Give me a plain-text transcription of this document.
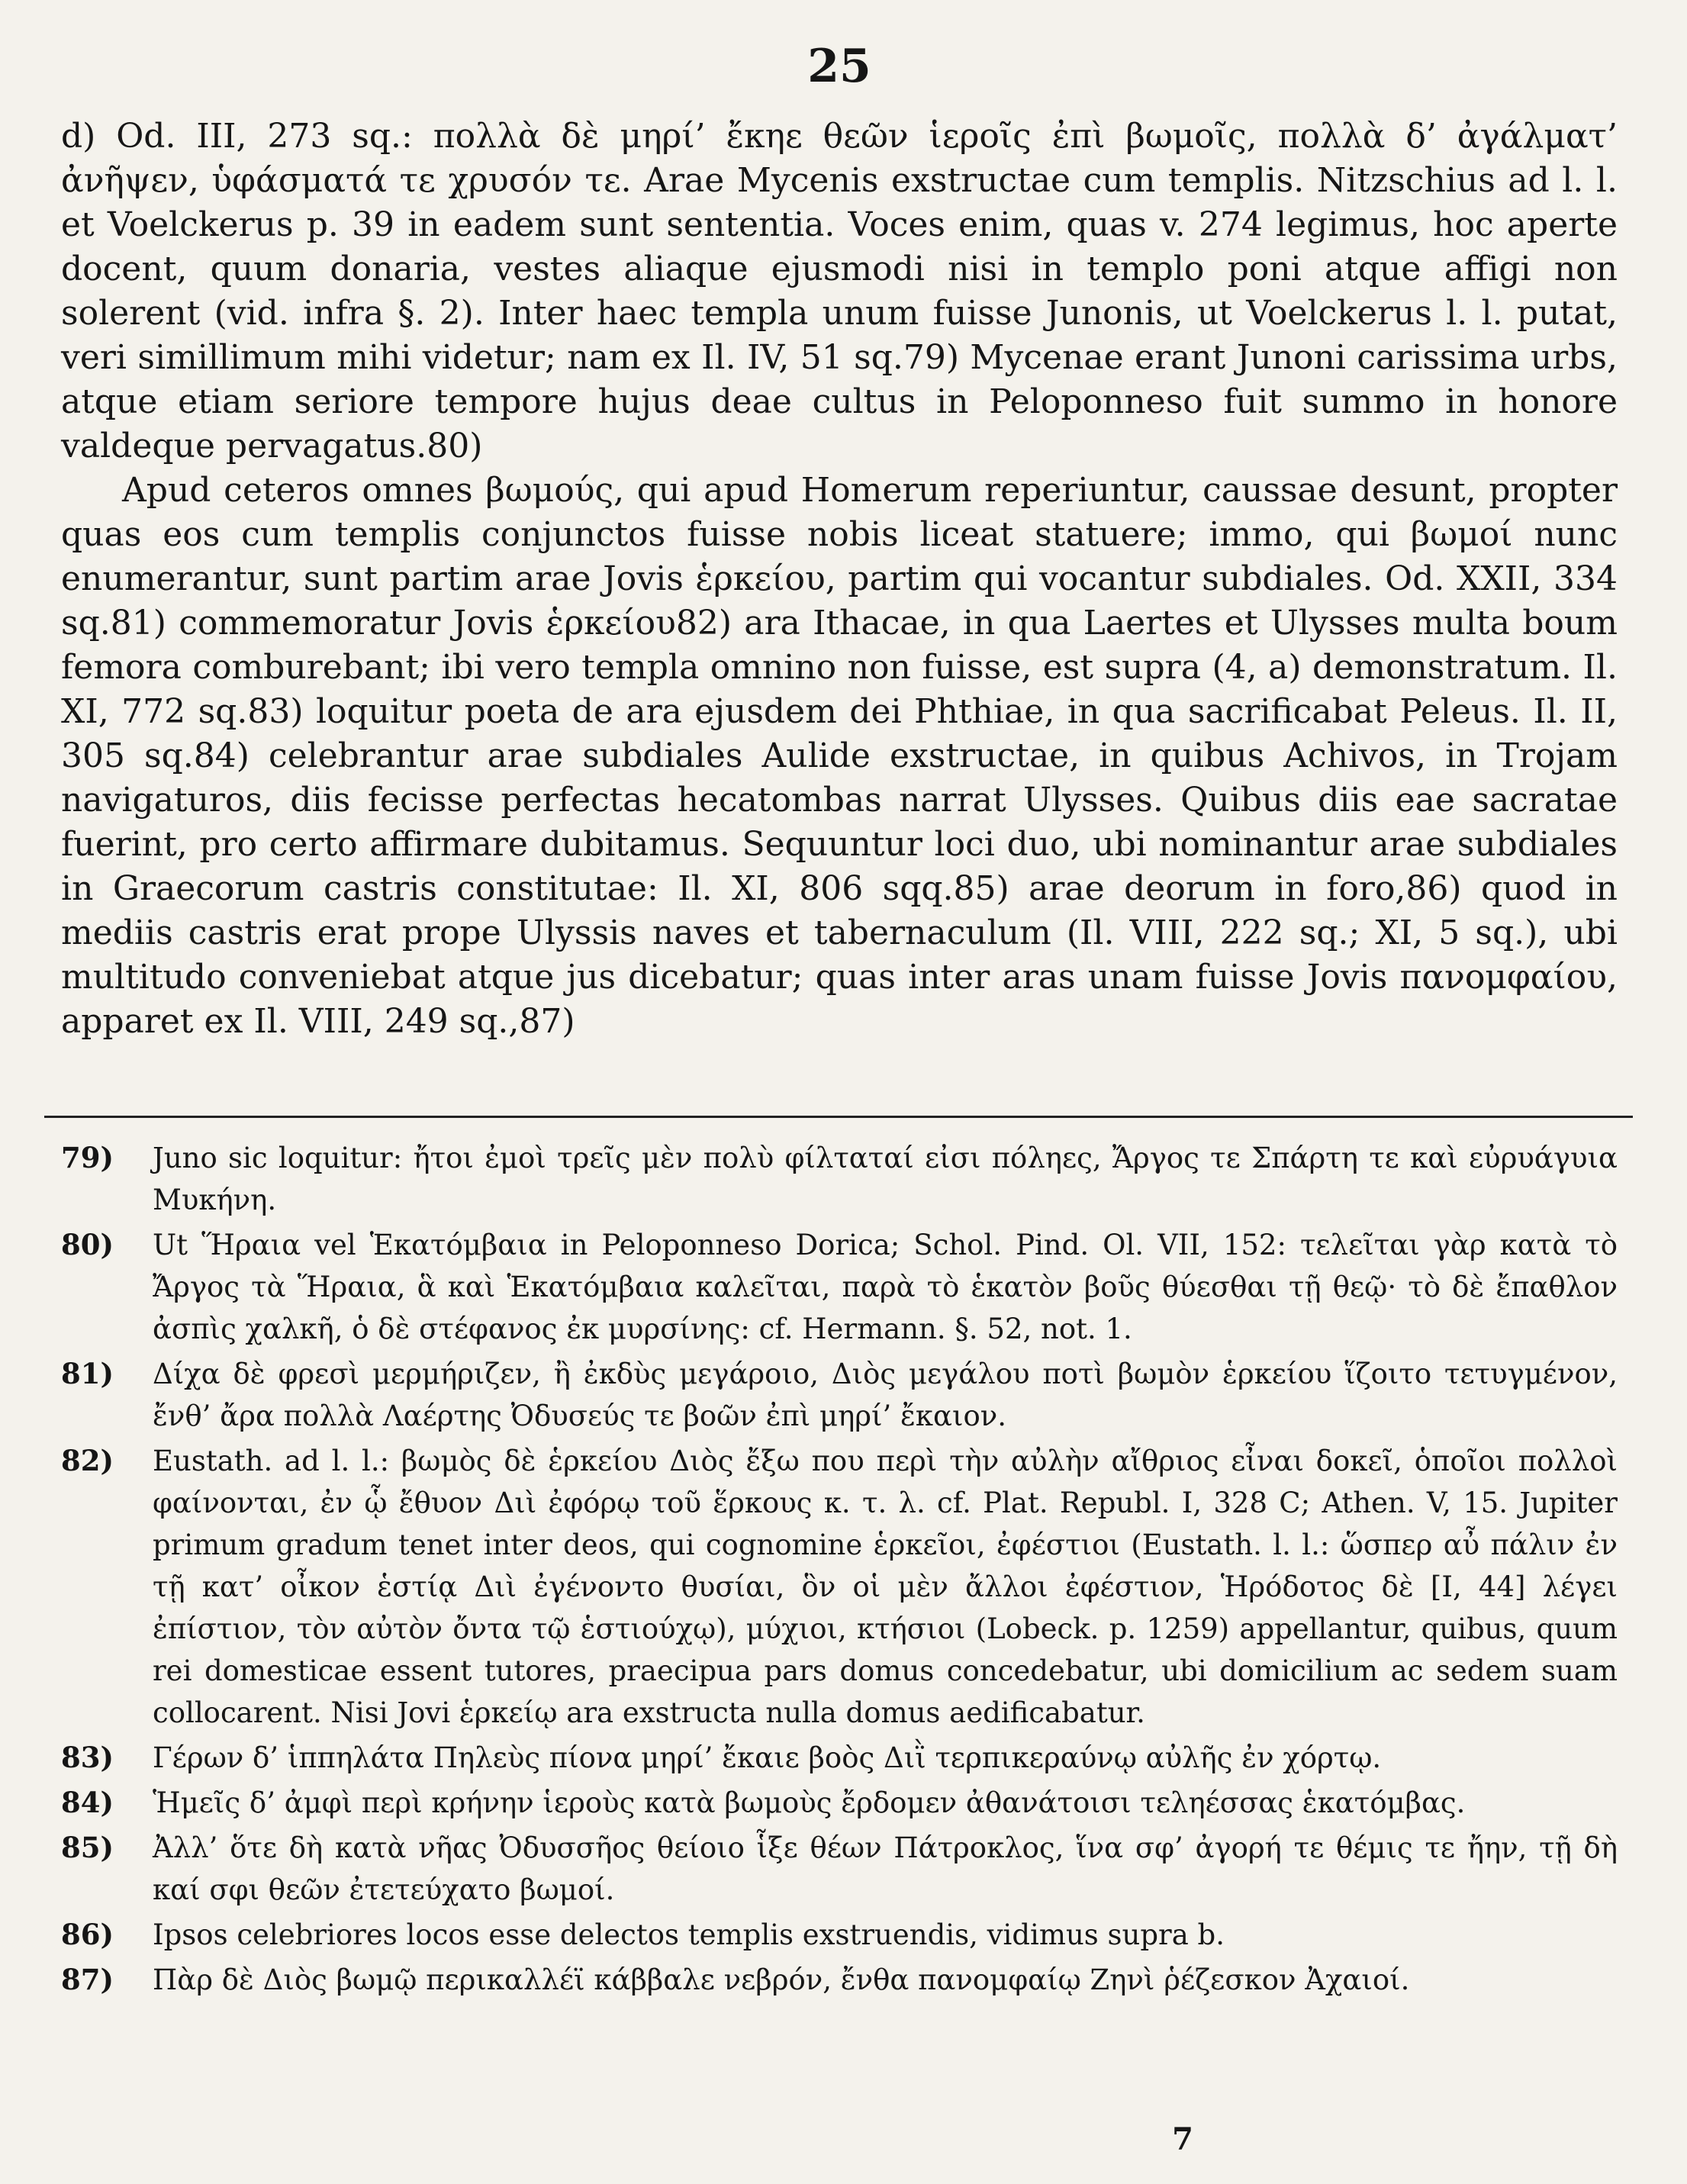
25

d) Od. III, 273 sq.: πολλὰ δὲ μηρί’ ἔκηε θεῶν ἱεροῖς ἐπὶ βωμοῖς, πολλὰ δ’ ἀγάλματ’ ἀνῆψεν, ὑφάσματά τε χρυσόν τε. Arae Mycenis exstructae cum templis. Nitzschius ad l. l. et Voelckerus p. 39 in eadem sunt sententia. Voces enim, quas v. 274 legimus, hoc aperte docent, quum donaria, vestes aliaque ejusmodi nisi in templo poni atque affigi non solerent (vid. infra §. 2). Inter haec templa unum fuisse Junonis, ut Voelckerus l. l. putat, veri simillimum mihi videtur; nam ex Il. IV, 51 sq.79) Mycenae erant Junoni carissima urbs, atque etiam seriore tempore hujus deae cultus in Peloponneso fuit summo in honore valdeque pervagatus.80)

Apud ceteros omnes βωμούς, qui apud Homerum reperiuntur, caussae desunt, propter quas eos cum templis conjunctos fuisse nobis liceat statuere; immo, qui βωμοί nunc enumerantur, sunt partim arae Jovis ἑρκείου, partim qui vocantur subdiales. Od. XXII, 334 sq.81) commemoratur Jovis ἑρκείου82) ara Ithacae, in qua Laertes et Ulysses multa boum femora comburebant; ibi vero templa omnino non fuisse, est supra (4, a) demonstratum. Il. XI, 772 sq.83) loquitur poeta de ara ejusdem dei Phthiae, in qua sacrificabat Peleus. Il. II, 305 sq.84) celebrantur arae subdiales Aulide exstructae, in quibus Achivos, in Trojam navigaturos, diis fecisse perfectas hecatombas narrat Ulysses. Quibus diis eae sacratae fuerint, pro certo affirmare dubitamus. Sequuntur loci duo, ubi nominantur arae subdiales in Graecorum castris constitutae: Il. XI, 806 sqq.85) arae deorum in foro,86) quod in mediis castris erat prope Ulyssis naves et tabernaculum (Il. VIII, 222 sq.; XI, 5 sq.), ubi multitudo conveniebat atque jus dicebatur; quas inter aras unam fuisse Jovis πανομφαίου, apparet ex Il. VIII, 249 sq.,87)

79)	Juno sic loquitur: ἤτοι ἐμοὶ τρεῖς μὲν πολὺ φίλταταί εἰσι πόληες, Ἄργος τε Σπάρτη τε καὶ εὐρυάγυια Μυκήνη.
80)	Ut Ἥραια vel Ἑκατόμβαια in Peloponneso Dorica; Schol. Pind. Ol. VII, 152: τελεῖται γὰρ κατὰ τὸ Ἄργος τὰ Ἥραια, ἃ καὶ Ἑκατόμβαια καλεῖται, παρὰ τὸ ἑκατὸν βοῦς θύεσθαι τῇ θεῷ· τὸ δὲ ἔπαθλον ἀσπὶς χαλκῆ, ὁ δὲ στέφανος ἐκ μυρσίνης: cf. Hermann. §. 52, not. 1.
81)	Δίχα δὲ φρεσὶ μερμήριζεν, ἢ ἐκδὺς μεγάροιο, Διὸς μεγάλου ποτὶ βωμὸν ἑρκείου ἵζοιτο τετυγμένον, ἔνθ’ ἄρα πολλὰ Λαέρτης Ὀδυσεύς τε βοῶν ἐπὶ μηρί’ ἔκαιον.
82)	Eustath. ad l. l.: βωμὸς δὲ ἑρκείου Διὸς ἔξω που περὶ τὴν αὐλὴν αἴθριος εἶναι δοκεῖ, ὁποῖοι πολλοὶ φαίνονται, ἐν ᾧ ἔθυον Διὶ ἐφόρῳ τοῦ ἕρκους κ. τ. λ. cf. Plat. Republ. I, 328 C; Athen. V, 15. Jupiter primum gradum tenet inter deos, qui cognomine ἑρκεῖοι, ἐφέστιοι (Eustath. l. l.: ὥσπερ αὖ πάλιν ἐν τῇ κατ’ οἶκον ἑστίᾳ Διὶ ἐγένοντο θυσίαι, ὃν οἱ μὲν ἄλλοι ἐφέστιον, Ἡρόδοτος δὲ [I, 44] λέγει ἐπίστιον, τὸν αὐτὸν ὄντα τῷ ἑστιούχῳ), μύχιοι, κτήσιοι (Lobeck. p. 1259) appellantur, quibus, quum rei domesticae essent tutores, praecipua pars domus concedebatur, ubi domicilium ac sedem suam collocarent. Nisi Jovi ἑρκείῳ ara exstructa nulla domus aedificabatur.
83)	Γέρων δ’ ἱππηλάτα Πηλεὺς πίονα μηρί’ ἔκαιε βοὸς Διῒ τερπικεραύνῳ αὐλῆς ἐν χόρτῳ.
84)	Ἡμεῖς δ’ ἀμφὶ περὶ κρήνην ἱεροὺς κατὰ βωμοὺς ἔρδομεν ἀθανάτοισι τεληέσσας ἑκατόμβας.
85)	Ἀλλ’ ὅτε δὴ κατὰ νῆας Ὀδυσσῆος θείοιο ἷξε θέων Πάτροκλος, ἵνα σφ’ ἀγορή τε θέμις τε ἤην, τῇ δὴ καί σφι θεῶν ἐτετεύχατο βωμοί.
86)	Ipsos celebriores locos esse delectos templis exstruendis, vidimus supra b.
87)	Πὰρ δὲ Διὸς βωμῷ περικαλλέϊ κάββαλε νεβρόν, ἔνθα πανομφαίῳ Ζηνὶ ῥέζεσκον Ἀχαιοί.
7
